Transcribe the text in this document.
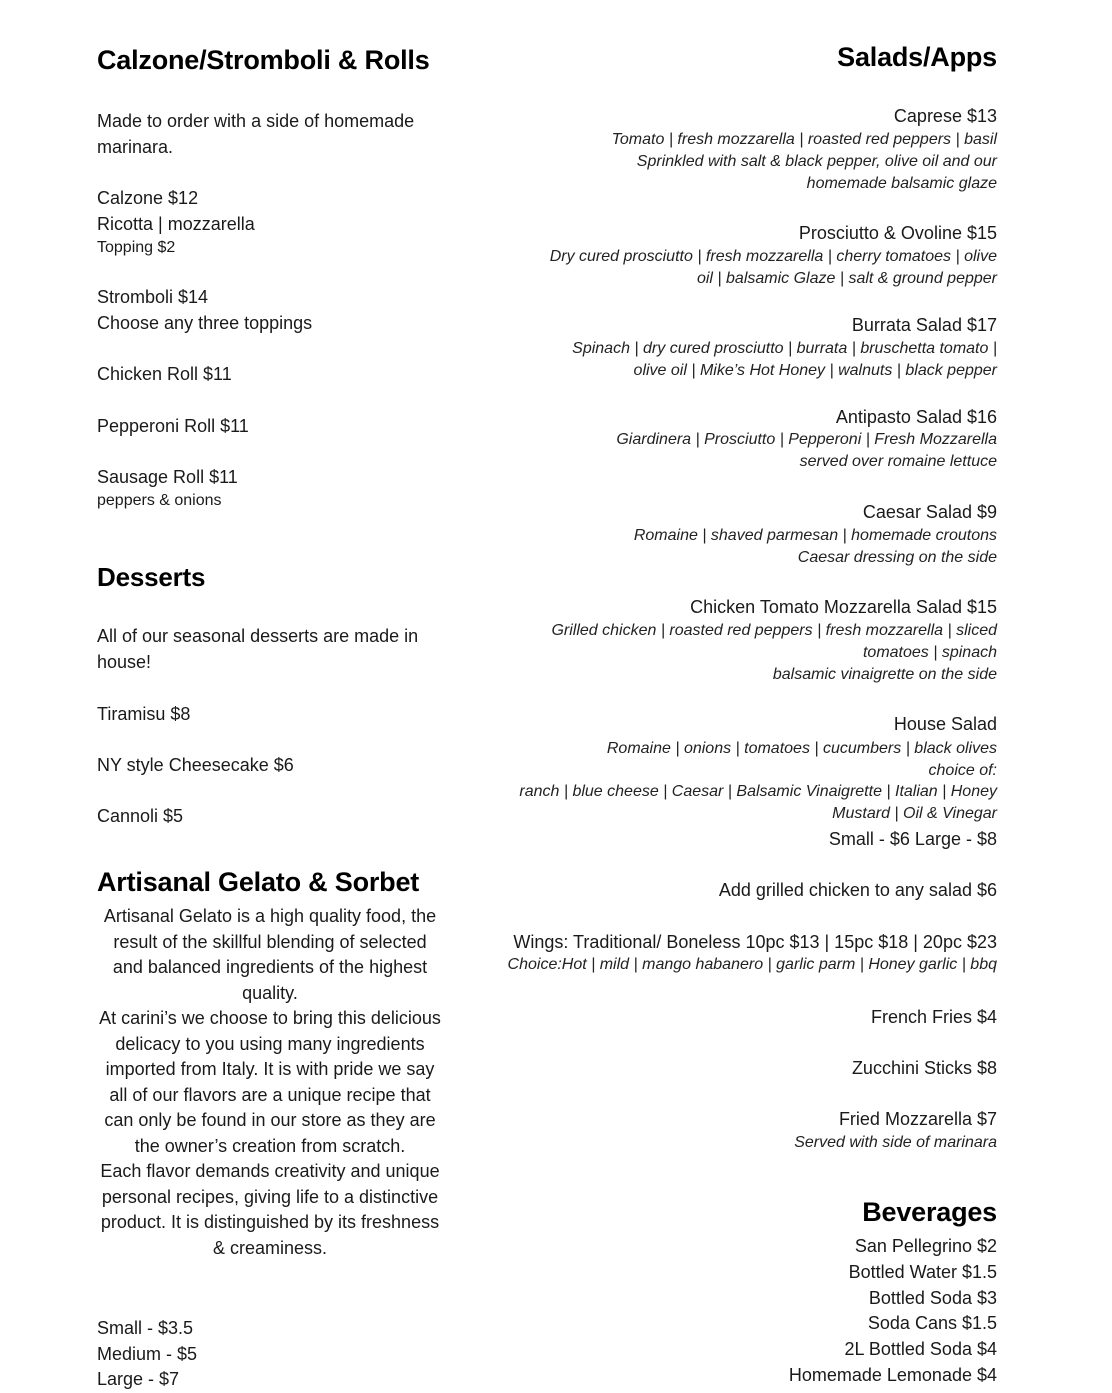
Calzone/Stromboli & Rolls
Made to order with a side of homemade marinara.
Calzone $12
Ricotta | mozzarella
Topping $2
Stromboli $14
Choose any three toppings
Chicken Roll $11
Pepperoni Roll $11
Sausage Roll $11
peppers & onions
Desserts
All of our seasonal desserts are made in house!
Tiramisu $8
NY style Cheesecake $6
Cannoli $5
Artisanal Gelato & Sorbet
Artisanal Gelato is a high quality food, the result of the skillful blending of selected and balanced ingredients of the highest quality.
At carini’s we choose to bring this delicious delicacy to you using many ingredients imported from Italy. It is with pride we say all of our flavors are a unique recipe that can only be found in our store as they are the owner’s creation from scratch.
Each flavor demands creativity and unique personal recipes, giving life to a distinctive product. It is distinguished by its freshness & creaminess.
Small - $3.5
Medium - $5
Large - $7
Salads/Apps
Caprese $13
Tomato | fresh mozzarella | roasted red peppers | basil
Sprinkled with salt & black pepper, olive oil and our
homemade balsamic glaze
Prosciutto & Ovoline $15
Dry cured prosciutto | fresh mozzarella | cherry tomatoes | olive
oil | balsamic Glaze | salt & ground pepper
Burrata Salad $17
Spinach | dry cured prosciutto | burrata | bruschetta tomato |
olive oil | Mike’s Hot Honey | walnuts | black pepper
Antipasto Salad $16
Giardinera | Prosciutto | Pepperoni | Fresh Mozzarella
served over romaine lettuce
Caesar Salad $9
Romaine | shaved parmesan | homemade croutons
Caesar dressing on the side
Chicken Tomato Mozzarella Salad $15
Grilled chicken | roasted red peppers | fresh mozzarella | sliced
tomatoes | spinach
balsamic vinaigrette on the side
House Salad
Romaine | onions | tomatoes | cucumbers | black olives
choice of:
ranch | blue cheese | Caesar | Balsamic Vinaigrette | Italian | Honey
Mustard | Oil & Vinegar
Small - $6 Large - $8
Add grilled chicken to any salad $6
Wings: Traditional/ Boneless 10pc $13 | 15pc $18 | 20pc $23
Choice:Hot | mild | mango habanero | garlic parm | Honey garlic | bbq
French Fries $4
Zucchini Sticks $8
Fried Mozzarella $7
Served with side of marinara
Beverages
San Pellegrino $2
Bottled Water $1.5
Bottled Soda $3
Soda Cans $1.5
2L Bottled Soda $4
Homemade Lemonade $4
